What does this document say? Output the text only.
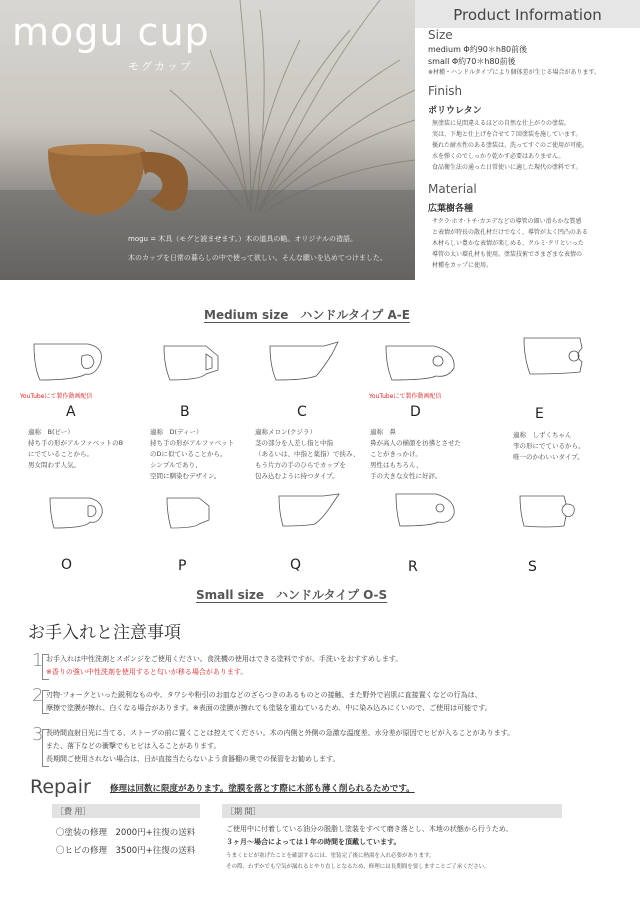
mogu cup
モグカップ
mogu = 木具（モグと読ませます。）木の道具の略。オリジナルの造語。
木のカップを日常の暮らしの中で使って欲しい。そんな願いを込めてつけました。
Product Information
Size
medium Φ約90＊h80前後
small Φ約70＊h80前後
※材種・ハンドルタイプにより個体差が生じる場合があります。
Finish
ポリウレタン
無塗装に見間違えるほどの自然な仕上がりの塗装。
実は、下地と仕上げを合せて７回塗装を施しています。
優れた耐水性のある塗装は、洗ってすぐのご使用が可能。
水を弾くのでしっかり乾かす必要はありません。
食品衛生法の通った日常使いに適した現代の塗料です。
Material
広葉樹各種
サクラ·ホオ·トチ·カエデなどの導管の細い滑らかな質感
と表情が特長の散孔材だけでなく、導管が太く凹凸のある
木材らしい豊かな表情が楽しめる、クルミ·クリといった
導管の太い環孔材も使用。塗装技術でさまざまな表情の
材種をカップに使用。
Medium size　ハンドルタイプ A-E
YouTubeにて製作動画配信	YouTubeにて製作動画配信
A	B	C	D	E
適称　B(ビー）
持ち手の形がアルファベットのB
にでていることから。
男女問わず人気。
適称　D(ディー）
持ち手の形がアルファベット
のDに似ていることから。
シンプルであり、
空間に馴染むデザイン。
適称メロン(クジラ）
茎の部分を人差し指と中指
（あるいは、中指と薬指）で挟み、
もう片方の手のひらでカップを
包み込むように持つタイプ。
適称　鼻
鼻が高人の横顔を彷彿とさせた
ことがきっかけ。
男性はもちろん、
手の大きな女性に好評。
適称　しずくちゃん
雫の形にでているから。
唯一のかわいいタイプ。
O	P	Q	R	S
Small size　ハンドルタイプ O-S
お手入れと注意事項
1 お手入れは中性洗剤とスポンジをご使用ください。食洗機の使用はできる塗料ですが、手洗いをおすすめします。
※香りの強い中性洗剤を使用すると匂いが移る場合があります。
2 刃物·フォークといった鋭利なものや、タワシや粉引のお皿などのざらつきのあるものとの接触、また野外で岩肌に直接置くなどの行為は、
摩擦で塗膜が擦れ、白くなる場合があります。※表面の塗膜が擦れても塗装を重ねているため、中に染み込みにくいので、ご使用は可能です。
3 長時間直射日光に当てる、ストーブの前に置くことは控えてください。木の内側と外側の急激な温度差、水分差が原因でヒビが入ることがあります。
また、落下などの衝撃でもヒビは入ることがあります。
長期間ご使用されない場合は、日が直接当たらないよう食器棚の奥での保管をお勧めします。
Repair 修理は回数に限度があります。塗膜を落とす際に木部も薄く削られるためです。
［費 用］
〇塗装の修理　2000円+往復の送料
〇ヒビの修理　3500円+往復の送料
［期 間］
ご使用中に付着している油分の脱脂し塗装をすべて磨き落とし、木地の状態から行うため、
３ヶ月～場合によっては１年の時間を頂戴しています。
うまくヒビが塞げたことを確認するには、塗装完了後に熱湯を入れ必要があります。
その際、わずかでも空気が漏れるとやり直しとなるため、修理には長期間を要しますことご了承ください。
